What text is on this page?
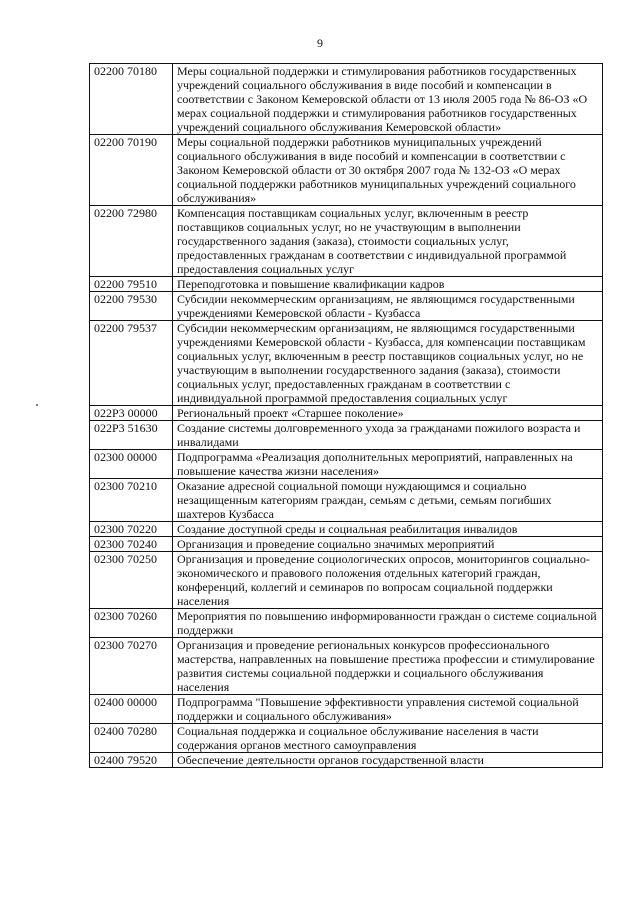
9
02200 70180	Меры социальной поддержки и стимулирования работников государственных учреждений социального обслуживания в виде пособий и компенсации в соответствии с Законом Кемеровской области от 13 июля 2005 года № 86-ОЗ «О мерах социальной поддержки и стимулирования работников государственных учреждений социального обслуживания Кемеровской области»
02200 70190	Меры социальной поддержки работников муниципальных учреждений социального обслуживания в виде пособий и компенсации в соответствии с Законом Кемеровской области от 30 октября 2007 года № 132-ОЗ «О мерах социальной поддержки работников муниципальных учреждений социального обслуживания»
02200 72980	Компенсация поставщикам социальных услуг, включенным в реестр поставщиков социальных услуг, но не участвующим в выполнении государственного задания (заказа), стоимости социальных услуг, предоставленных гражданам в соответствии с индивидуальной программой предоставления социальных услуг
02200 79510	Переподготовка и повышение квалификации кадров
02200 79530	Субсидии некоммерческим организациям, не являющимся государственными учреждениями Кемеровской области - Кузбасса
02200 79537	Субсидии некоммерческим организациям, не являющимся государственными учреждениями Кемеровской области - Кузбасса, для компенсации поставщикам социальных услуг, включенным в реестр поставщиков социальных услуг, но не участвующим в выполнении государственного задания (заказа), стоимости социальных услуг, предоставленных гражданам в соответствии с индивидуальной программой предоставления социальных услуг
022P3 00000	Региональный проект «Старшее поколение»
022P3 51630	Создание системы долговременного ухода за гражданами пожилого возраста и инвалидами
02300 00000	Подпрограмма «Реализация дополнительных мероприятий, направленных на повышение качества жизни населения»
02300 70210	Оказание адресной социальной помощи нуждающимся и социально незащищенным категориям граждан, семьям с детьми, семьям погибших шахтеров Кузбасса
02300 70220	Создание доступной среды и социальная реабилитация инвалидов
02300 70240	Организация и проведение социально значимых мероприятий
02300 70250	Организация и проведение социологических опросов, мониторингов социально-экономического и правового положения отдельных категорий граждан, конференций, коллегий и семинаров по вопросам социальной поддержки населения
02300 70260	Мероприятия по повышению информированности граждан о системе социальной поддержки
02300 70270	Организация и проведение региональных конкурсов профессионального мастерства, направленных на повышение престижа профессии и стимулирование развития системы социальной поддержки и социального обслуживания населения
02400 00000	Подпрограмма "Повышение эффективности управления системой социальной поддержки и социального обслуживания»
02400 70280	Социальная поддержка и социальное обслуживание населения в части содержания органов местного самоуправления
02400 79520	Обеспечение деятельности органов государственной власти
